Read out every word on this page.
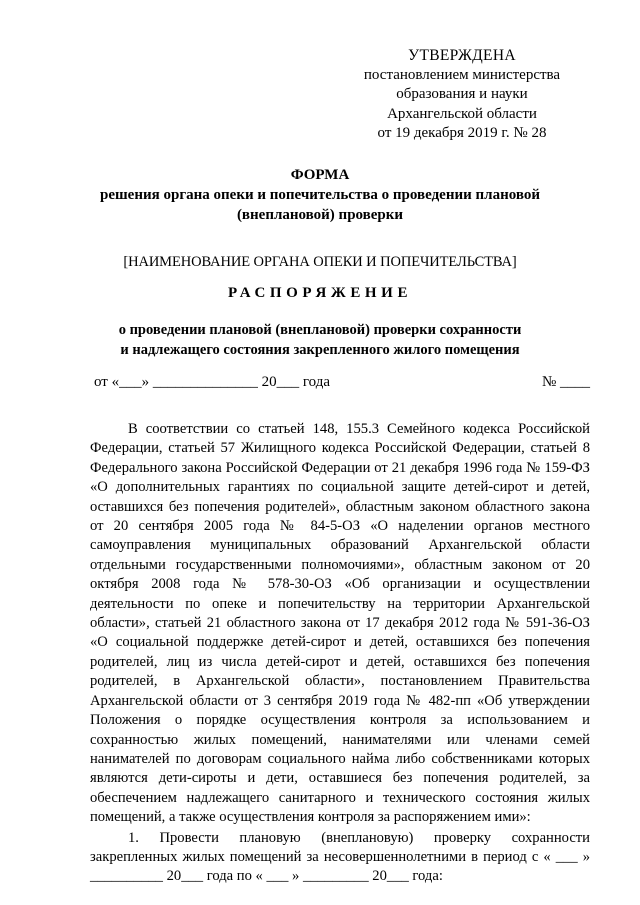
УТВЕРЖДЕНА
постановлением министерства
образования и науки
Архангельской области
от 19 декабря 2019 г. № 28
ФОРМА
решения органа опеки и попечительства о проведении плановой
(внеплановой) проверки
[НАИМЕНОВАНИЕ ОРГАНА ОПЕКИ И ПОПЕЧИТЕЛЬСТВА]
РАСПОРЯЖЕНИЕ
о проведении плановой (внеплановой) проверки сохранности
и надлежащего состояния закрепленного жилого помещения
от «___» ______________ 20___ года	№ ____

В соответствии со статьей 148, 155.3 Семейного кодекса Российской Федерации, статьей 57 Жилищного кодекса Российской Федерации, статьей 8 Федерального закона Российской Федерации от 21 декабря 1996 года № 159-ФЗ «О дополнительных гарантиях по социальной защите детей-сирот и детей, оставшихся без попечения родителей», областным законом областного закона от 20 сентября 2005 года № 84-5-ОЗ «О наделении органов местного самоуправления муниципальных образований Архангельской области отдельными государственными полномочиями», областным законом от 20 октября 2008 года № 578-30-ОЗ «Об организации и осуществлении деятельности по опеке и попечительству на территории Архангельской области», статьей 21 областного закона от 17 декабря 2012 года № 591-36-ОЗ «О социальной поддержке детей-сирот и детей, оставшихся без попечения родителей, лиц из числа детей-сирот и детей, оставшихся без попечения родителей, в Архангельской области», постановлением Правительства Архангельской области от 3 сентября 2019 года № 482-пп «Об утверждении Положения о порядке осуществления контроля за использованием и сохранностью жилых помещений, нанимателями или членами семей нанимателей по договорам социального найма либо собственниками которых являются дети-сироты и дети, оставшиеся без попечения родителей, за обеспечением надлежащего санитарного и технического состояния жилых помещений, а также осуществления контроля за распоряжением ими»:

1. Провести плановую (внеплановую) проверку сохранности закрепленных жилых помещений за несовершеннолетними в период с « ___ » __________ 20___ года по « ___ » _________ 20___ года:
